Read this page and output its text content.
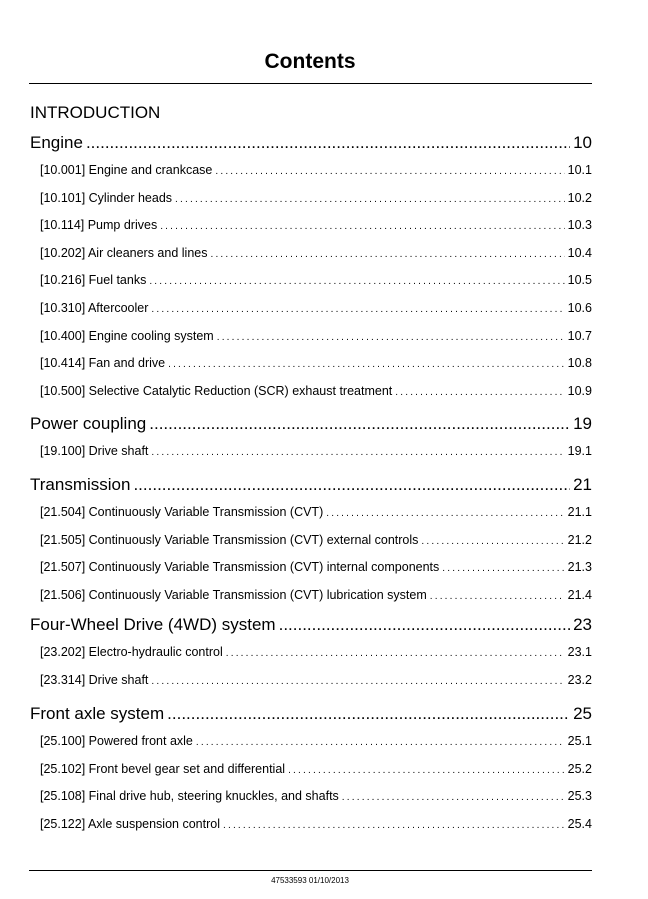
Contents
INTRODUCTION
Engine .....	10
[10.001] Engine and crankcase .....	10.1
[10.101] Cylinder heads .....	10.2
[10.114] Pump drives .....	10.3
[10.202] Air cleaners and lines .....	10.4
[10.216] Fuel tanks .....	10.5
[10.310] Aftercooler .....	10.6
[10.400] Engine cooling system .....	10.7
[10.414] Fan and drive .....	10.8
[10.500] Selective Catalytic Reduction (SCR) exhaust treatment .....	10.9
Power coupling .....	19
[19.100] Drive shaft .....	19.1
Transmission .....	21
[21.504] Continuously Variable Transmission (CVT) .....	21.1
[21.505] Continuously Variable Transmission (CVT) external controls .....	21.2
[21.507] Continuously Variable Transmission (CVT) internal components .....	21.3
[21.506] Continuously Variable Transmission (CVT) lubrication system .....	21.4
Four-Wheel Drive (4WD) system .....	23
[23.202] Electro-hydraulic control .....	23.1
[23.314] Drive shaft .....	23.2
Front axle system .....	25
[25.100] Powered front axle .....	25.1
[25.102] Front bevel gear set and differential .....	25.2
[25.108] Final drive hub, steering knuckles, and shafts .....	25.3
[25.122] Axle suspension control .....	25.4
47533593 01/10/2013
